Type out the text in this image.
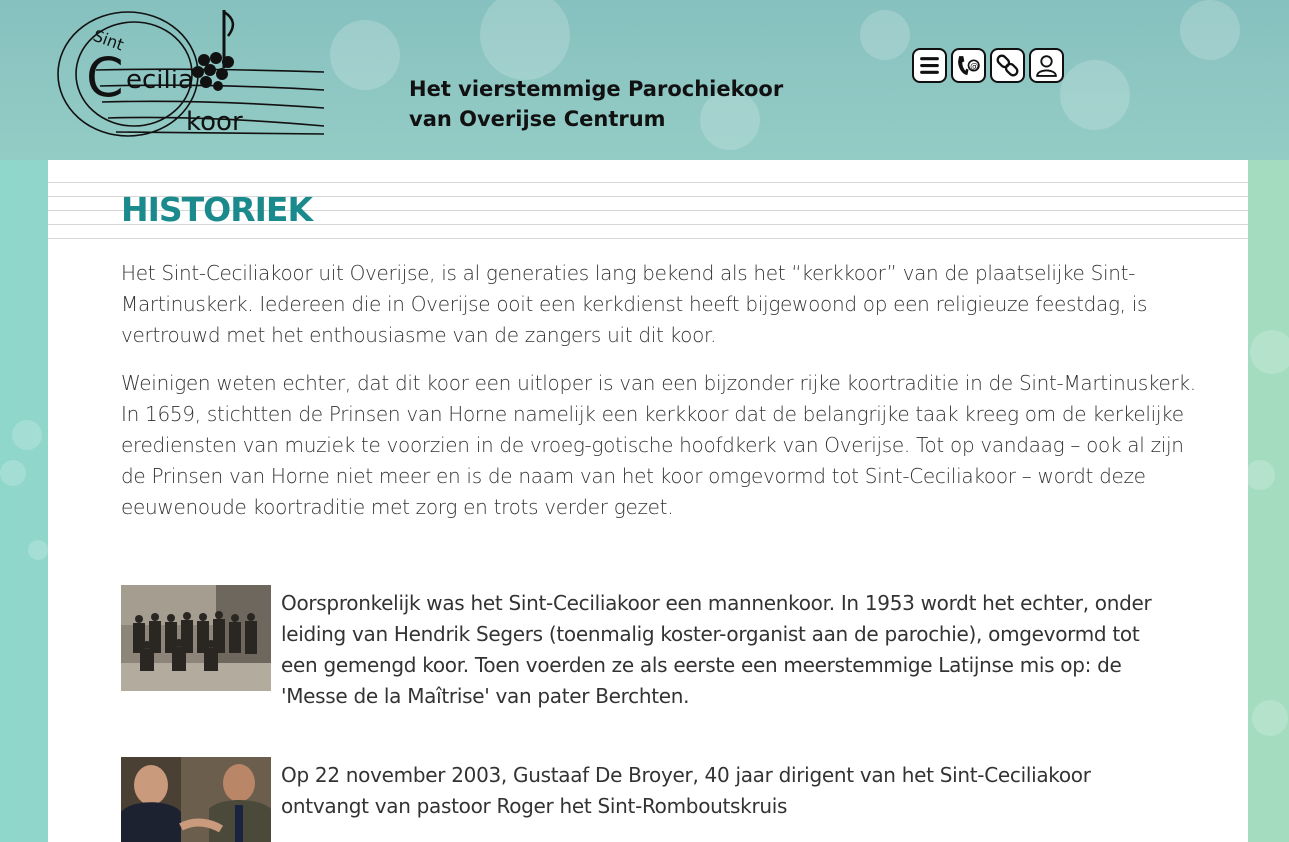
Sint
C ecilia
koor
Het vierstemmige Parochiekoor
van Overijse Centrum
@
HISTORIEK

Het Sint-Ceciliakoor uit Overijse, is al generaties lang bekend als het “kerkkoor” van de plaatselijke Sint-Martinuskerk. Iedereen die in Overijse ooit een kerkdienst heeft bijgewoond op een religieuze feestdag, is vertrouwd met het enthousiasme van de zangers uit dit koor.

Weinigen weten echter, dat dit koor een uitloper is van een bijzonder rijke koortraditie in de Sint-Martinuskerk. In 1659, stichtten de Prinsen van Horne namelijk een kerkkoor dat de belangrijke taak kreeg om de kerkelijke erediensten van muziek te voorzien in de vroeg-gotische hoofdkerk van Overijse. Tot op vandaag – ook al zijn de Prinsen van Horne niet meer en is de naam van het koor omgevormd tot Sint-Ceciliakoor – wordt deze eeuwenoude koortraditie met zorg en trots verder gezet.

Oorspronkelijk was het Sint-Ceciliakoor een mannenkoor. In 1953 wordt het echter, onder leiding van Hendrik Segers (toenmalig koster-organist aan de parochie), omgevormd tot een gemengd koor. Toen voerden ze als eerste een meerstemmige Latijnse mis op: de 'Messe de la Maîtrise' van pater Berchten.

Op 22 november 2003, Gustaaf De Broyer, 40 jaar dirigent van het Sint-Ceciliakoor ontvangt van pastoor Roger het Sint-Romboutskruis
